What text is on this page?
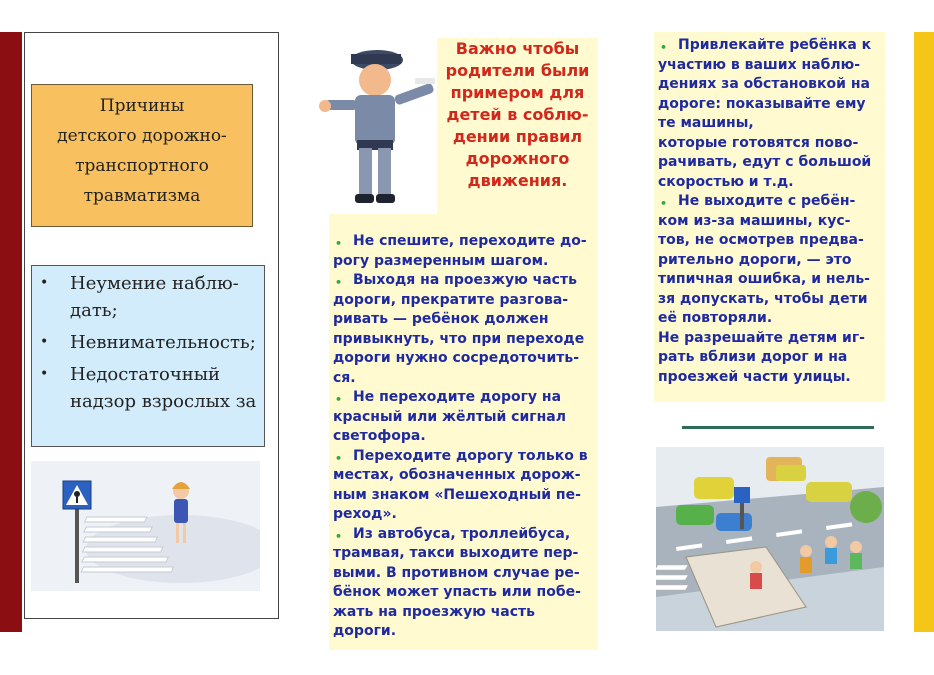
Причины
детского дорожно-
транспортного
травматизма
• Неумение наблю-
дать;
• Невнимательность;
• Недостаточный
надзор взрослых за
Важно чтобы
родители были
примером для
детей в соблю-
дении правил
дорожного
движения.
• Не спешите, переходите до-
рогу размеренным шагом.
• Выходя на проезжую часть
дороги, прекратите разгова-
ривать — ребёнок должен
привыкнуть, что при переходе
дороги нужно сосредоточить-
ся.
• Не переходите дорогу на
красный или жёлтый сигнал
светофора.
• Переходите дорогу только в
местах, обозначенных дорож-
ным знаком «Пешеходный пе-
реход».
• Из автобуса, троллейбуса,
трамвая, такси выходите пер-
выми. В противном случае ре-
бёнок может упасть или побе-
жать на проезжую часть
дороги.
• Привлекайте ребёнка к
участию в ваших наблю-
дениях за обстановкой на
дороге: показывайте ему
те машины,
которые готовятся пово-
рачивать, едут с большой
скоростью и т.д.
• Не выходите с ребён-
ком из-за машины, кус-
тов, не осмотрев предва-
рительно дороги, — это
типичная ошибка, и нель-
зя допускать, чтобы дети
её повторяли.
Не разрешайте детям иг-
рать вблизи дорог и на
проезжей части улицы.
